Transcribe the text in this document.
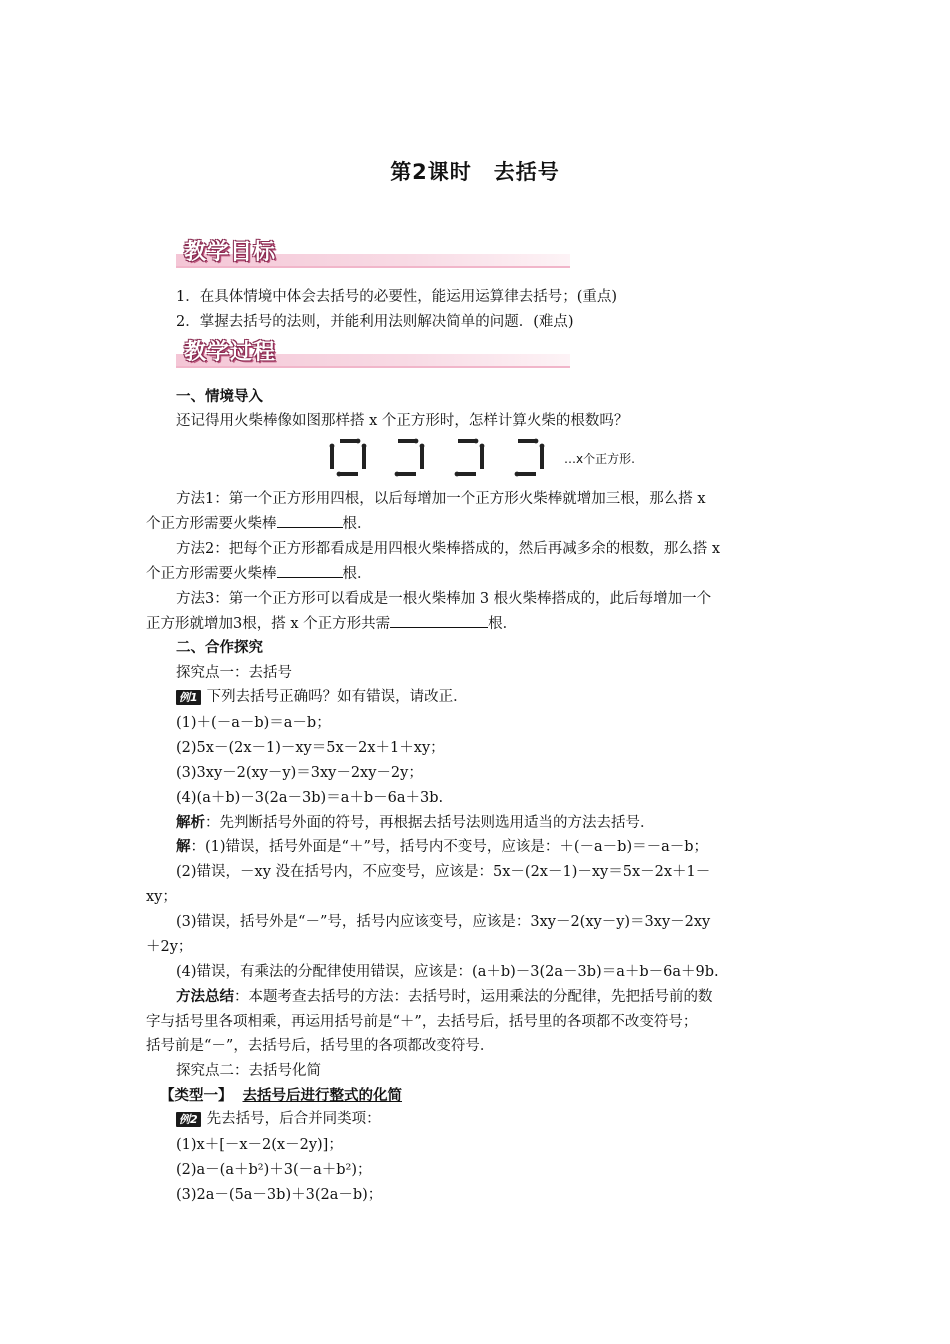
第2课时　去括号
教学目标
1．在具体情境中体会去括号的必要性，能运用运算律去括号；(重点)
2．掌握去括号的法则，并能利用法则解决简单的问题．(难点)
教学过程
一、情境导入
还记得用火柴棒像如图那样搭 x 个正方形时，怎样计算火柴的根数吗？
…x个正方形.
方法1：第一个正方形用四根，以后每增加一个正方形火柴棒就增加三根，那么搭 x
个正方形需要火柴棒	根．
方法2：把每个正方形都看成是用四根火柴棒搭成的，然后再减多余的根数，那么搭 x
个正方形需要火柴棒	根．
方法3：第一个正方形可以看成是一根火柴棒加 3 根火柴棒搭成的，此后每增加一个
正方形就增加3根，搭 x 个正方形共需	根．
二、合作探究
探究点一：去括号
例1 下列去括号正确吗？如有错误，请改正．
(1)＋(－a－b)＝a－b；
(2)5x－(2x－1)－xy＝5x－2x＋1＋xy；
(3)3xy－2(xy－y)＝3xy－2xy－2y；
(4)(a＋b)－3(2a－3b)＝a＋b－6a＋3b.
解析：先判断括号外面的符号，再根据去括号法则选用适当的方法去括号．
解：(1)错误，括号外面是“＋”号，括号内不变号，应该是：＋(－a－b)＝－a－b；
(2)错误，－xy 没在括号内，不应变号，应该是：5x－(2x－1)－xy＝5x－2x＋1－
xy；
(3)错误，括号外是“－”号，括号内应该变号，应该是：3xy－2(xy－y)＝3xy－2xy
＋2y；
(4)错误，有乘法的分配律使用错误，应该是：(a＋b)－3(2a－3b)＝a＋b－6a＋9b.
方法总结：本题考查去括号的方法：去括号时，运用乘法的分配律，先把括号前的数
字与括号里各项相乘，再运用括号前是“＋”，去括号后，括号里的各项都不改变符号；
括号前是“－”，去括号后，括号里的各项都改变符号．
探究点二：去括号化简
【类型一】 去括号后进行整式的化简
例2 先去括号，后合并同类项：
(1)x＋[－x－2(x－2y)]；
(2)a－(a＋b²)＋3(－a＋b²)；
(3)2a－(5a－3b)＋3(2a－b)；
